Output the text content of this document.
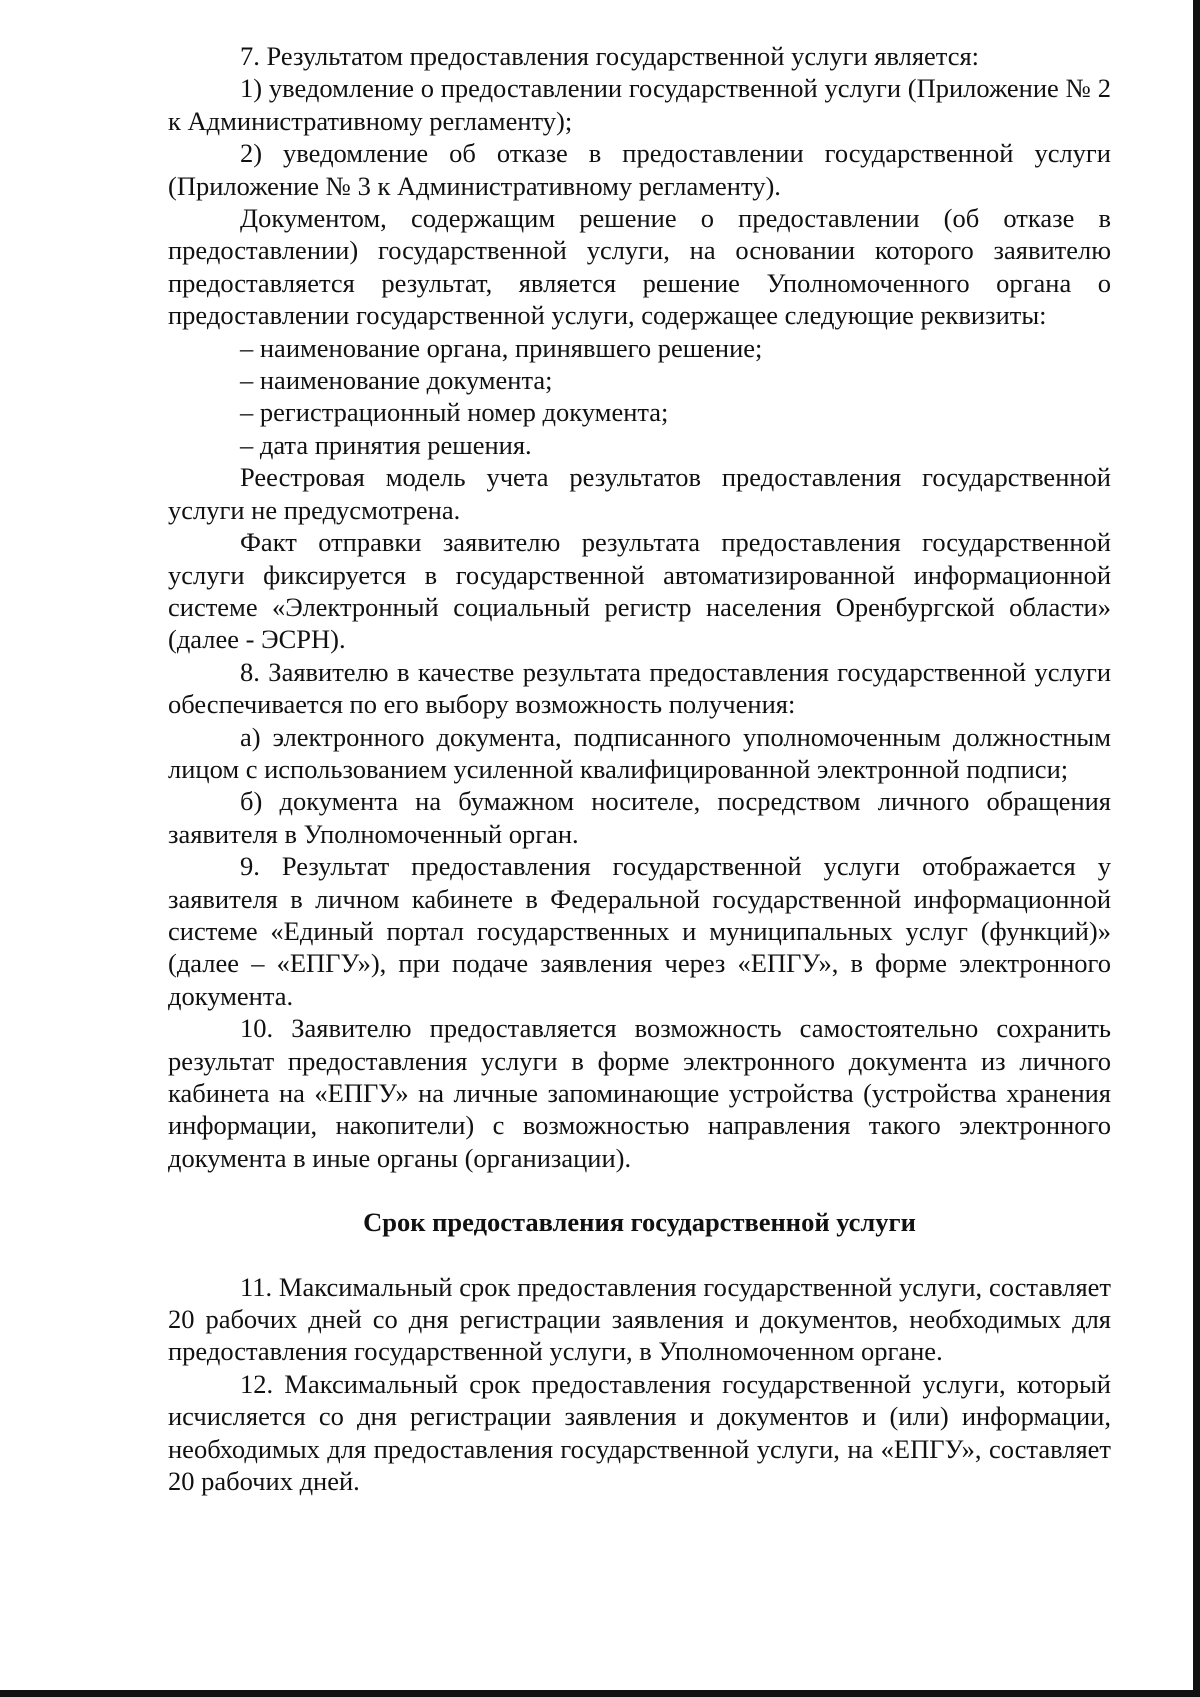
7. Результатом предоставления государственной услуги является:

1) уведомление о предоставлении государственной услуги (Приложение № 2 к Административному регламенту);

2) уведомление об отказе в предоставлении государственной услуги (Приложение № 3 к Административному регламенту).

Документом, содержащим решение о предоставлении (об отказе в предоставлении) государственной услуги, на основании которого заявителю предоставляется результат, является решение Уполномоченного органа о предоставлении государственной услуги, содержащее следующие реквизиты:

– наименование органа, принявшего решение;

– наименование документа;

– регистрационный номер документа;

– дата принятия решения.

Реестровая модель учета результатов предоставления государственной услуги не предусмотрена.

Факт отправки заявителю результата предоставления государственной услуги фиксируется в государственной автоматизированной информационной системе «Электронный социальный регистр населения Оренбургской области» (далее - ЭСРН).

8. Заявителю в качестве результата предоставления государственной услуги обеспечивается по его выбору возможность получения:

а) электронного документа, подписанного уполномоченным должностным лицом с использованием усиленной квалифицированной электронной подписи;

б) документа на бумажном носителе, посредством личного обращения заявителя в Уполномоченный орган.

9. Результат предоставления государственной услуги отображается у заявителя в личном кабинете в Федеральной государственной информационной системе «Единый портал государственных и муниципальных услуг (функций)» (далее – «ЕПГУ»), при подаче заявления через «ЕПГУ», в форме электронного документа.

10. Заявителю предоставляется возможность самостоятельно сохранить результат предоставления услуги в форме электронного документа из личного кабинета на «ЕПГУ» на личные запоминающие устройства (устройства хранения информации, накопители) с возможностью направления такого электронного документа в иные органы (организации).

Срок предоставления государственной услуги

11. Максимальный срок предоставления государственной услуги, составляет 20 рабочих дней со дня регистрации заявления и документов, необходимых для предоставления государственной услуги, в Уполномоченном органе.

12. Максимальный срок предоставления государственной услуги, который исчисляется со дня регистрации заявления и документов и (или) информации, необходимых для предоставления государственной услуги, на «ЕПГУ», составляет 20 рабочих дней.
